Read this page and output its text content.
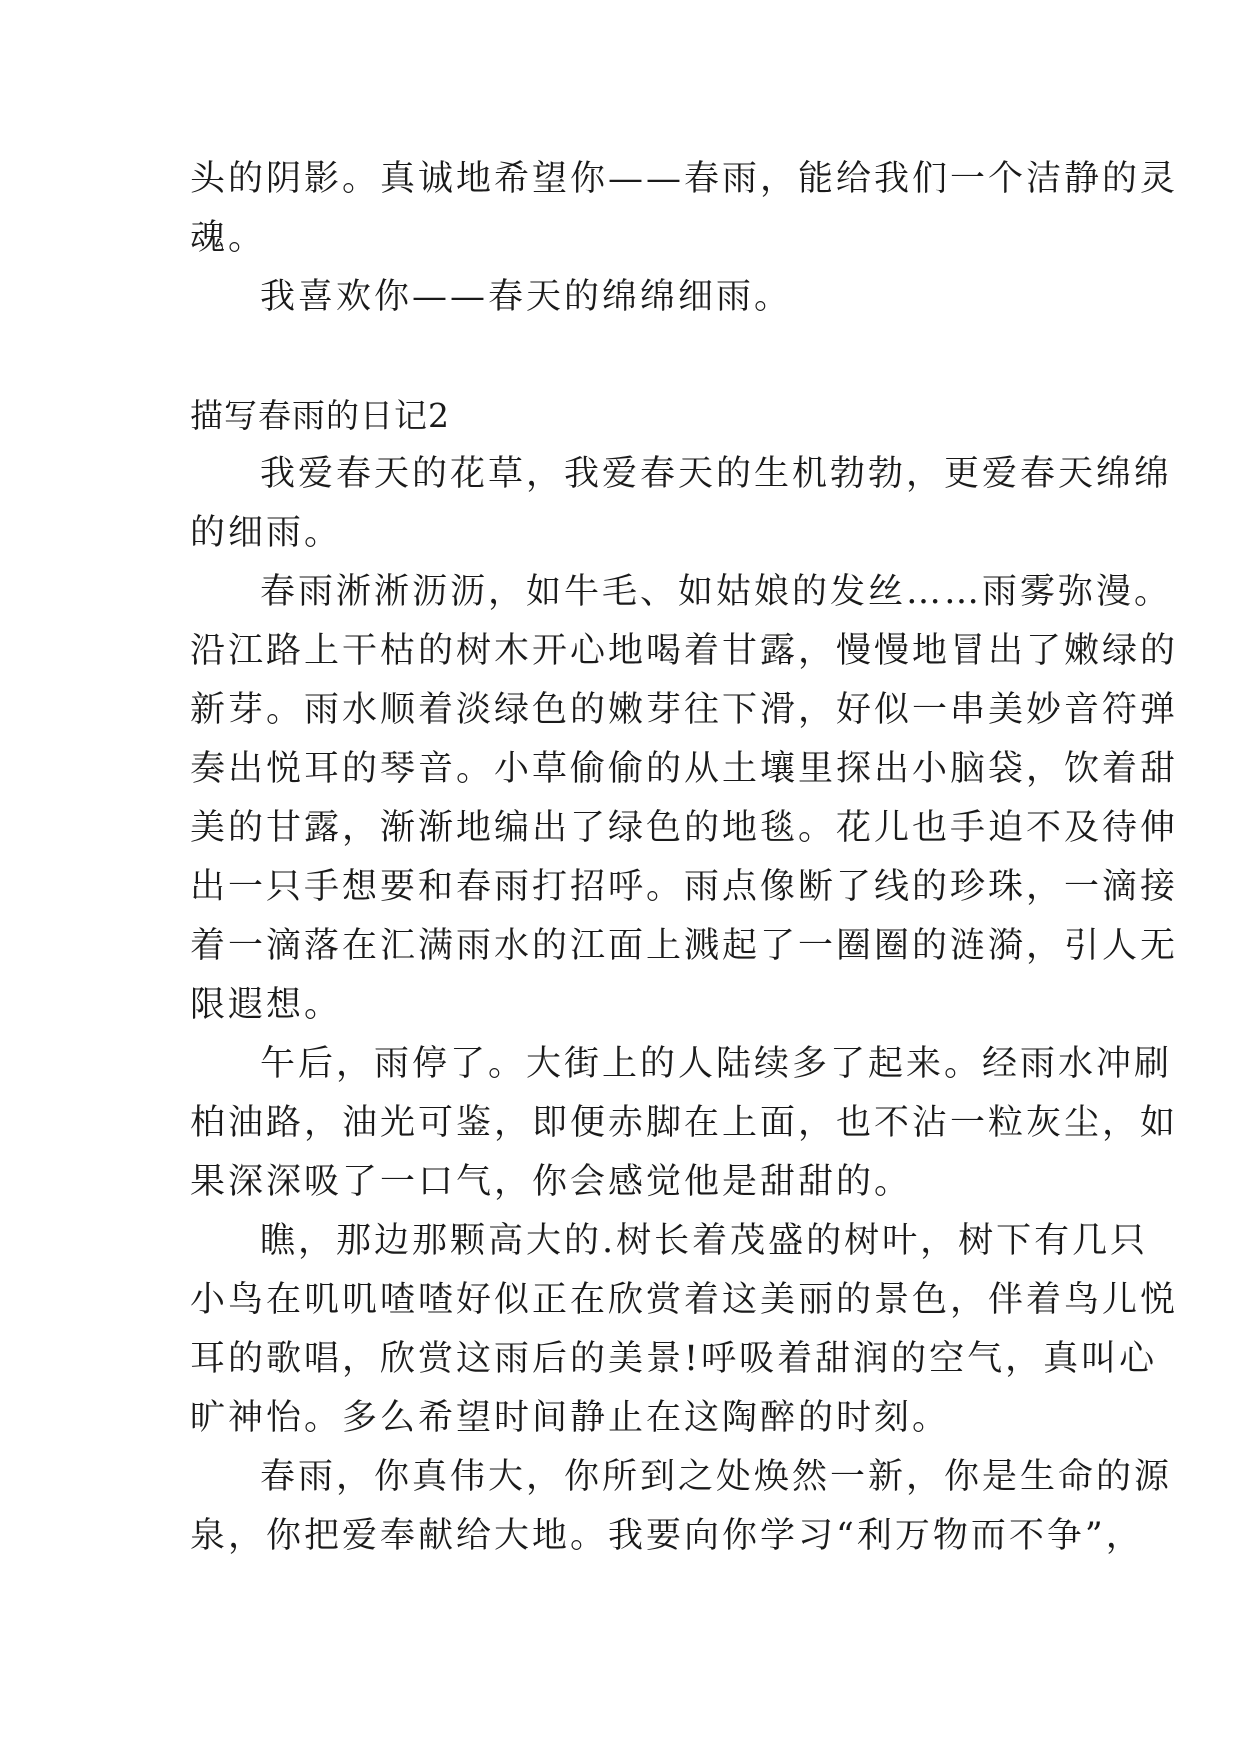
头的阴影。真诚地希望你——春雨，能给我们一个洁静的灵
魂。
我喜欢你——春天的绵绵细雨。
描写春雨的日记2
我爱春天的花草，我爱春天的生机勃勃，更爱春天绵绵
的细雨。
春雨淅淅沥沥，如牛毛、如姑娘的发丝……雨雾弥漫。
沿江路上干枯的树木开心地喝着甘露，慢慢地冒出了嫩绿的
新芽。雨水顺着淡绿色的嫩芽往下滑，好似一串美妙音符弹
奏出悦耳的琴音。小草偷偷的从土壤里探出小脑袋，饮着甜
美的甘露，渐渐地编出了绿色的地毯。花儿也手迫不及待伸
出一只手想要和春雨打招呼。雨点像断了线的珍珠，一滴接
着一滴落在汇满雨水的江面上溅起了一圈圈的涟漪，引人无
限遐想。
午后，雨停了。大街上的人陆续多了起来。经雨水冲刷
柏油路，油光可鉴，即便赤脚在上面，也不沾一粒灰尘，如
果深深吸了一口气，你会感觉他是甜甜的。
瞧，那边那颗高大的.树长着茂盛的树叶，树下有几只
小鸟在叽叽喳喳好似正在欣赏着这美丽的景色，伴着鸟儿悦
耳的歌唱，欣赏这雨后的美景!呼吸着甜润的空气，真叫心
旷神怡。多么希望时间静止在这陶醉的时刻。
春雨，你真伟大，你所到之处焕然一新，你是生命的源
泉，你把爱奉献给大地。我要向你学习“利万物而不争”，
